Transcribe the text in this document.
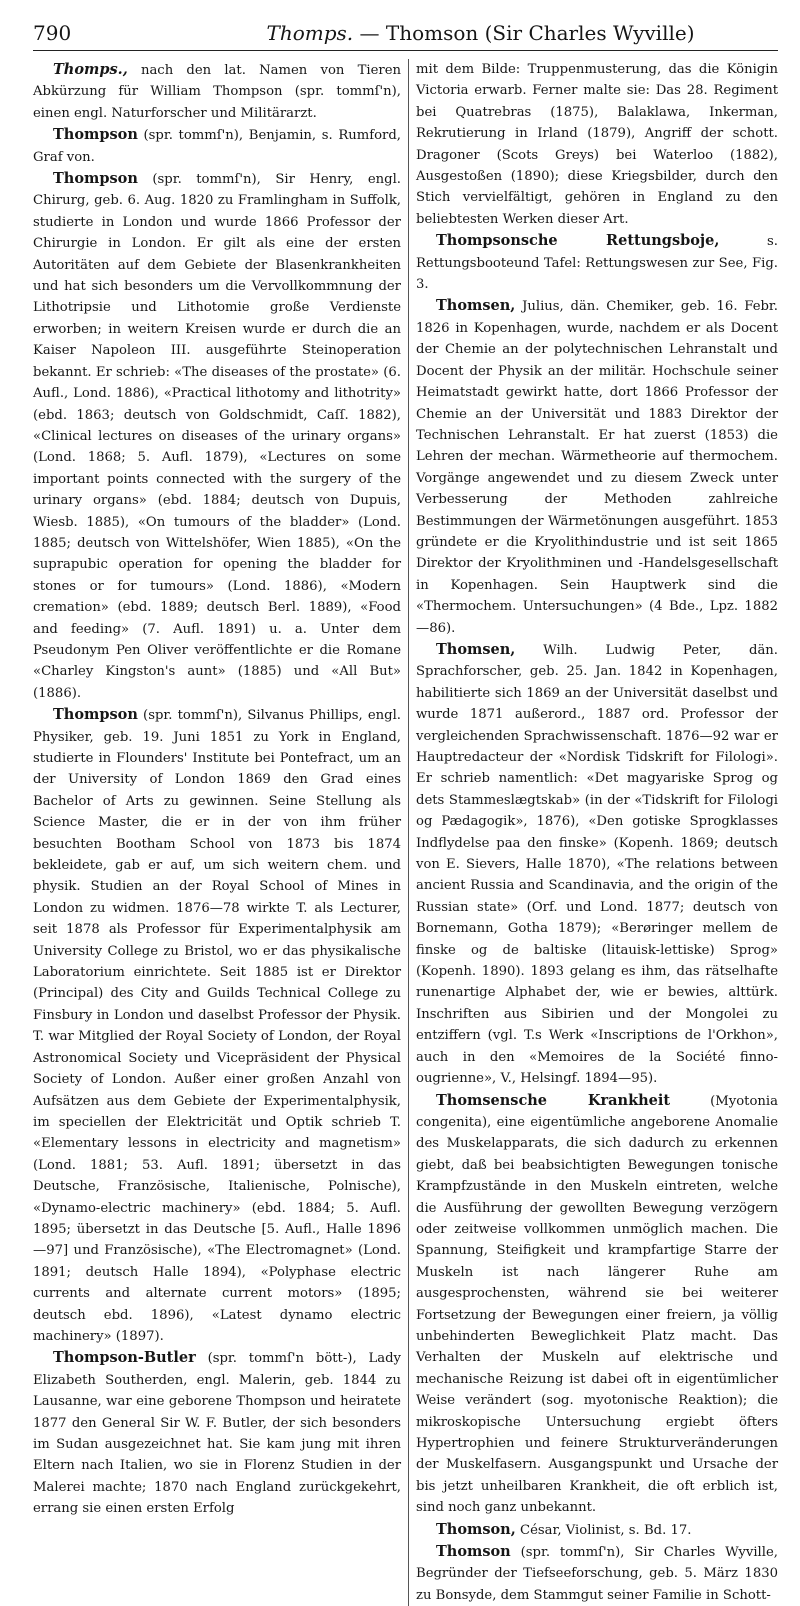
790	Thomps. — Thomson (Sir Charles Wyville)

Thomps., nach den lat. Namen von Tieren Abkürzung für William Thompson (spr. tommſ'n), einen engl. Naturforscher und Militärarzt.

Thompson (spr. tommſ'n), Benjamin, s. Rumford, Graf von.

Thompson (spr. tommſ'n), Sir Henry, engl. Chirurg, geb. 6. Aug. 1820 zu Framlingham in Suffolk, studierte in London und wurde 1866 Professor der Chirurgie in London. Er gilt als eine der ersten Autoritäten auf dem Gebiete der Blasenkrankheiten und hat sich besonders um die Vervollkommnung der Lithotripsie und Lithotomie große Verdienste erworben; in weitern Kreisen wurde er durch die an Kaiser Napoleon III. ausgeführte Steinoperation bekannt. Er schrieb: «The diseases of the prostate» (6. Aufl., Lond. 1886), «Practical lithotomy and lithotrity» (ebd. 1863; deutsch von Goldschmidt, Caſſ. 1882), «Clinical lectures on diseases of the urinary organs» (Lond. 1868; 5. Aufl. 1879), «Lectures on some important points connected with the surgery of the urinary organs» (ebd. 1884; deutsch von Dupuis, Wiesb. 1885), «On tumours of the bladder» (Lond. 1885; deutsch von Wittelshöfer, Wien 1885), «On the suprapubic operation for opening the bladder for stones or for tumours» (Lond. 1886), «Modern cremation» (ebd. 1889; deutsch Berl. 1889), «Food and feeding» (7. Aufl. 1891) u. a. Unter dem Pseudonym Pen Oliver veröffentlichte er die Romane «Charley Kingston's aunt» (1885) und «All But» (1886).

Thompson (spr. tommſ'n), Silvanus Phillips, engl. Physiker, geb. 19. Juni 1851 zu York in England, studierte in Flounders' Institute bei Pontefract, um an der University of London 1869 den Grad eines Bachelor of Arts zu gewinnen. Seine Stellung als Science Master, die er in der von ihm früher besuchten Bootham School von 1873 bis 1874 bekleidete, gab er auf, um sich weitern chem. und physik. Studien an der Royal School of Mines in London zu widmen. 1876—78 wirkte T. als Lecturer, seit 1878 als Professor für Experimentalphysik am University College zu Bristol, wo er das physikalische Laboratorium einrichtete. Seit 1885 ist er Direktor (Principal) des City and Guilds Technical College zu Finsbury in London und daselbst Professor der Physik. T. war Mitglied der Royal Society of London, der Royal Astronomical Society und Vicepräsident der Physical Society of London. Außer einer großen Anzahl von Aufsätzen aus dem Gebiete der Experimentalphysik, im speciellen der Elektricität und Optik schrieb T. «Elementary lessons in electricity and magnetism» (Lond. 1881; 53. Aufl. 1891; übersetzt in das Deutsche, Französische, Italienische, Polnische), «Dynamo-electric machinery» (ebd. 1884; 5. Aufl. 1895; übersetzt in das Deutsche [5. Aufl., Halle 1896—97] und Französische), «The Electromagnet» (Lond. 1891; deutsch Halle 1894), «Polyphase electric currents and alternate current motors» (1895; deutsch ebd. 1896), «Latest dynamo electric machinery» (1897).

Thompson-Butler (spr. tommſ'n bött-), Lady Elizabeth Southerden, engl. Malerin, geb. 1844 zu Lausanne, war eine geborene Thompson und heiratete 1877 den General Sir W. F. Butler, der sich besonders im Sudan ausgezeichnet hat. Sie kam jung mit ihren Eltern nach Italien, wo sie in Florenz Studien in der Malerei machte; 1870 nach England zurückgekehrt, errang sie einen ersten Erfolg

mit dem Bilde: Truppenmusterung, das die Königin Victoria erwarb. Ferner malte sie: Das 28. Regiment bei Quatrebras (1875), Balaklawa, Inkerman, Rekrutierung in Irland (1879), Angriff der schott. Dragoner (Scots Greys) bei Waterloo (1882), Ausgestoßen (1890); diese Kriegsbilder, durch den Stich vervielfältigt, gehören in England zu den beliebtesten Werken dieser Art.

Thompsonsche Rettungsboje,	s. Rettungsbooteund Tafel: Rettungswesen zur See, Fig. 3.

Thomsen, Julius, dän. Chemiker, geb. 16. Febr. 1826 in Kopenhagen, wurde, nachdem er als Docent der Chemie an der polytechnischen Lehranstalt und Docent der Physik an der militär. Hochschule seiner Heimatstadt gewirkt hatte, dort 1866 Professor der Chemie an der Universität und 1883 Direktor der Technischen Lehranstalt. Er hat zuerst (1853) die Lehren der mechan. Wärmetheorie auf thermochem. Vorgänge angewendet und zu diesem Zweck unter Verbesserung der Methoden zahlreiche Bestimmungen der Wärmetönungen ausgeführt. 1853 gründete er die Kryolithindustrie und ist seit 1865 Direktor der Kryolithminen und -Handelsgesellschaft in Kopenhagen. Sein Hauptwerk sind die «Thermochem. Untersuchungen» (4 Bde., Lpz. 1882—86).

Thomsen, Wilh. Ludwig Peter, dän. Sprachforscher, geb. 25. Jan. 1842 in Kopenhagen, habilitierte sich 1869 an der Universität daselbst und wurde 1871 außerord., 1887 ord. Professor der vergleichenden Sprachwissenschaft. 1876—92 war er Hauptredacteur der «Nordisk Tidskrift for Filologi». Er schrieb namentlich: «Det magyariske Sprog og dets Stammeslægtskab» (in der «Tidskrift for Filologi og Pædagogik», 1876), «Den gotiske Sprogklasses Indflydelse paa den finske» (Kopenh. 1869; deutsch von E. Sievers, Halle 1870), «The relations between ancient Russia and Scandinavia, and the origin of the Russian state» (Orf. und Lond. 1877; deutsch von Bornemann, Gotha 1879); «Berøringer mellem de finske og de baltiske (litauisk-lettiske) Sprog» (Kopenh. 1890). 1893 gelang es ihm, das rätselhafte runenartige Alphabet der, wie er bewies, alttürk. Inschriften aus Sibirien und der Mongolei zu entziffern (vgl. T.s Werk «Inscriptions de l'Orkhon», auch in den «Memoires de la Société finno-ougrienne», V., Helsingf. 1894—95).

Thomsensche Krankheit	(Myotonia congenita), eine eigentümliche angeborene Anomalie des Muskelapparats, die sich dadurch zu erkennen giebt, daß bei beabsichtigten Bewegungen tonische Krampfzustände in den Muskeln eintreten, welche die Ausführung der gewollten Bewegung verzögern oder zeitweise vollkommen unmöglich machen. Die Spannung, Steifigkeit und krampfartige Starre der Muskeln ist nach längerer Ruhe am ausgesprochensten, während sie bei weiterer Fortsetzung der Bewegungen einer freiern, ja völlig unbehinderten Beweglichkeit Platz macht. Das Verhalten der Muskeln auf elektrische und mechanische Reizung ist dabei oft in eigentümlicher Weise verändert (sog. myotonische Reaktion); die mikroskopische Untersuchung ergiebt öfters Hypertrophien und feinere Strukturveränderungen der Muskelfasern. Ausgangspunkt und Ursache der bis jetzt unheilbaren Krankheit, die oft erblich ist, sind noch ganz unbekannt.

Thomson, César, Violinist, s. Bd. 17.

Thomson (spr. tommſ'n), Sir Charles Wyville, Begründer der Tiefseeforschung, geb. 5. März 1830 zu Bonsyde, dem Stammgut seiner Familie in Schott-
